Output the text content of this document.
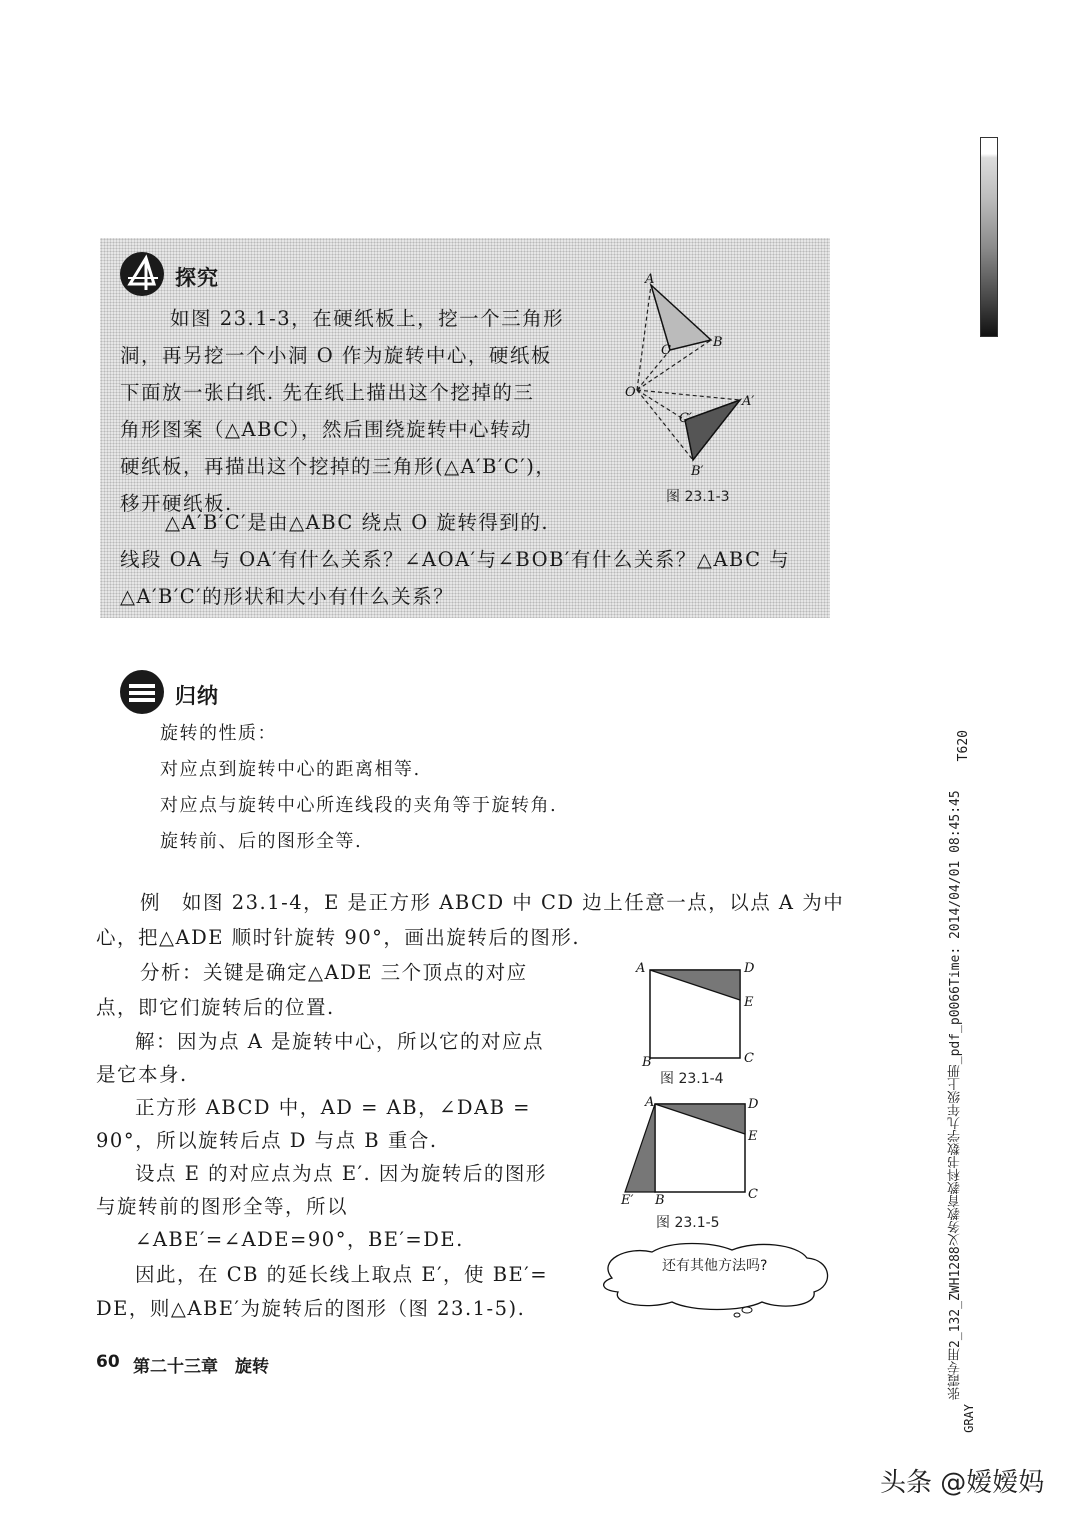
探究
如图 23.1-3，在硬纸板上，挖一个三角形
洞，再另挖一个小洞 O 作为旋转中心，硬纸板
下面放一张白纸. 先在纸上描出这个挖掉的三
角形图案（△ABC），然后围绕旋转中心转动
硬纸板，再描出这个挖掉的三角形(△A′B′C′)，
移开硬纸板.
△A′B′C′是由△ABC 绕点 O 旋转得到的.
线段 OA 与 OA′有什么关系？∠AOA′与∠BOB′有什么关系？△ABC 与
△A′B′C′的形状和大小有什么关系？
A
B
C
O
A′
B′
C′
图 23.1-3
归纳
旋转的性质：
对应点到旋转中心的距离相等.
对应点与旋转中心所连线段的夹角等于旋转角.
旋转前、后的图形全等.
例　如图 23.1-4，E 是正方形 ABCD 中 CD 边上任意一点，以点 A 为中
心，把△ADE 顺时针旋转 90°，画出旋转后的图形.
分析：关键是确定△ADE 三个顶点的对应
点，即它们旋转后的位置.
解：因为点 A 是旋转中心，所以它的对应点
是它本身.
正方形 ABCD 中，AD = AB，∠DAB =
90°，所以旋转后点 D 与点 B 重合.
设点 E 的对应点为点 E′. 因为旋转后的图形
与旋转前的图形全等，所以
∠ABE′=∠ADE=90°，BE′=DE.
因此，在 CB 的延长线上取点 E′，使 BE′=
DE，则△ABE′为旋转后的图形（图 23.1-5).
A	D
E
B	C
图 23.1-4
A	D
E
B	C
E′
图 23.1-5
还有其他方法吗?
60 第二十三章　旋转
T620
张霞专用2_132_ZWH1288义务教育教科书数学九年级上册_pdf_p0066Time: 2014/04/01 08:45:45
GRAY
头条 @嫒嫒妈
